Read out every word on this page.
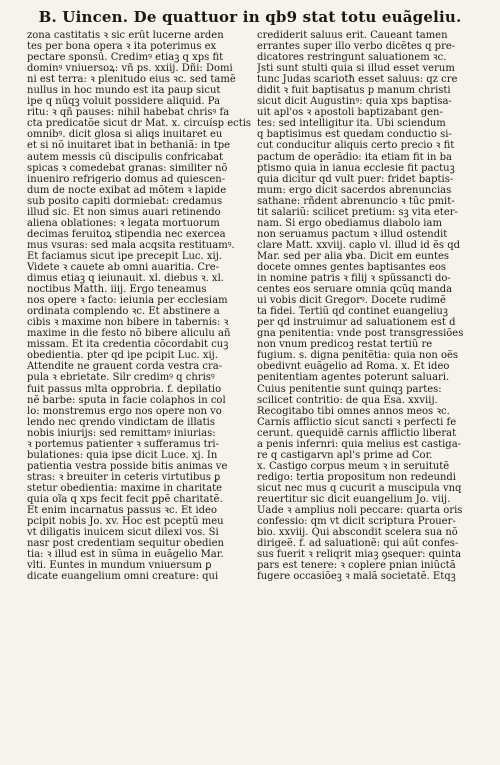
B. Uincen. De quattuor in qb9 stat totu euãgeliu.
zona castitatis ꝛ sic erût lucerne arden
tes per bona opera ꝛ ita poterimus ex
pectare sponsû. Credimꝰ etiaꝫ q xps fit
dominꝰ vniuersoꝝ: vñ ps. xxiij. Dñi: Domi
ni est terra: ꝛ plenitudo eius ꝛc. sed tamẽ
nullus in hoc mundo est ita paup sicut
ipe q nûqꝫ voluit possidere aliquid. Pa
ritu: ꝛ qñ pauses: nihil habebat chrisꝰ fa
cta predicatõe sicut dr Mat. x. circuísp ectis
omnibꝰ. dicit glosa si aliqs inuitaret eu
et si nõ inuitaret ibat in bethaniã: in tpe
autem messis cû discipulis confricabat
spicas ꝛ comedebat granas: similiter nõ
inueniro refrigerio domus ad quiescen-
dum de nocte exibat ad mõtem ꝛ lapide
sub posito capiti dormiebat: credamus
illud sic. Et non simus auari retinendo
aliena oblationes: ꝛ legata mortuorum
decimas feruitoꝝ stipendia nec exercea
mus vsuras: sed mala acqsita restituamꝰ.
Et faciamus sicut ipe precepit Luc. xij.
Videte ꝛ cauete ab omni auaritia. Cre-
dimus etiaꝫ q ieiunauit. xl. diebus ꝛ. xl.
noctibus Matth. iiij. Ergo teneamus
nos opere ꝛ facto: ieiunia per ecclesiam
ordinata complendo ꝛc. Et abstinere a
cibis ꝛ maxime non bibere in tabernis: ꝛ
maxime in die festo nõ bibere aliculu añ
missam. Et ita credentia cõcordabit cuꝫ
obedientia. pter qd ipe pcipit Luc. xij.
Attendite ne grauent corda vestra cra-
pula ꝛ ebrietate. Silr credimꝰ q chrisꝰ
fuit passus mlta opprobria. f. depilatio
nẽ barbe: sputa in facie colaphos in col
lo: monstremus ergo nos opere non vo
lendo nec qrendo vindictam de illatis
nobis iniurijs: sed remittamꝰ iniurias:
ꝛ portemus patienter ꝛ sufferamus tri-
bulationes: quia ipse dicit Luce. xj. In
patientia vestra posside bitis animas ve
stras: ꝛ breuiter in ceteris virtutibus ꝑ
stetur obedientia: maxime in charitate
quia oĩa q xps fecit fecit ꝑpẽ charitatẽ.
Et enim incarnatus passus ꝛc. Et ideo
pcipit nobis Jo. xv. Hoc est pceptũ meu
vt diligatis inuicem sicut dilexi vos. Si
nasr post credentiam sequitur obedien
tia: ꝛ illud est in sũma in euãgelio Mar.
vlti. Euntes in mundum vniuersum ꝑ
dicate euangelium omni creature: qui
crediderit saluus erit. Caueant tamen
errantes super illo verbo dicẽtes q pre-
dicatores restringunt saluationem ꝛc.
Jsti sunt stulti quia si illud esset verum
tunc Judas scariotħ esset saluus: qz cre
didit ꝛ fuit baptisatus p manum christi
sicut dicit Augustinꝰ: quia xps baptisa-
uit apl'os ꝛ apostoli baptizabant gen-
tes: sed intelligitur ita. Ubi sciendum
q baptisimus est quedam conductio si-
cut conducitur aliquis certo precio ꝛ fit
pactum de operãdio: ita etiam fit in ba
ptismo quia in ianua ecclesie fit pactuꝫ
quia dicitur qd vult puer: fridet baptis-
mum: ergo dicit sacerdos abrenuncias
sathane: rñdent abrenuncio ꝛ tũc pmit-
tit salariũ: scilicet pretium: sꝫ vita eter-
nam. Si ergo obediamus diabolo iam
non seruamus pactum ꝛ illud ostendit
clare Matt. xxviij. caplo vl. illud id ẽs qd
Mar. sed per alia ꝟba. Dicit em euntes
docete omnes gentes baptisantes eos
in nomine patris ꝛ filij ꝛ spũssancti do-
centes eos seruare omnia qcũq manda
ui vobis dicit Gregorꝰ. Docete rudimẽ
ta fidei. Tertiũ qd continet euangeliuꝫ
per qd instruimur ad saluationem est d
gna penitentia: vnde post transgressiões
non vnum predicoꝫ restat tertiũ re
fugium. s. digna penitẽtia: quia non oẽs
obedivnt euãgelio ad Roma. x. Et ideo
penitentiam agentes poterunt saluari.
Cuius penitentie sunt quinqꝫ partes:
scilicet contritio: de qua Esa. xxviij.
Recogitabo tibi omnes annos meos ꝛc.
Carnis afflictio sicut sancti ꝛ perfecti fe
cerunt. quequidẽ carnis afflictio liberat
a penis infernri: quia melius est castiga-
re q castigarvn apl's prime ad Cor.
x. Castigo corpus meum ꝛ in seruitutẽ
redigo: tertia propositum non redeundi
sicut nec mus q cucurit a muscipula vnq
reuertitur sic dicit euangelium Jo. viij.
Uade ꝛ amplius noli peccare: quarta oris
confessio: qm vt dicit scriptura Prouer-
bio. xxviij. Qui abscondit scelera sua nõ
dirigeẽ. f. ad saluationẽ: qui aũt confes-
sus fuerit ꝛ reliqrit miaꝫ ꝯsequer: quinta
pars est tenere: ꝛ coplere pnian iniũctã
fugere occasiõeꝫ ꝛ malã societatẽ. Etqꝫ
